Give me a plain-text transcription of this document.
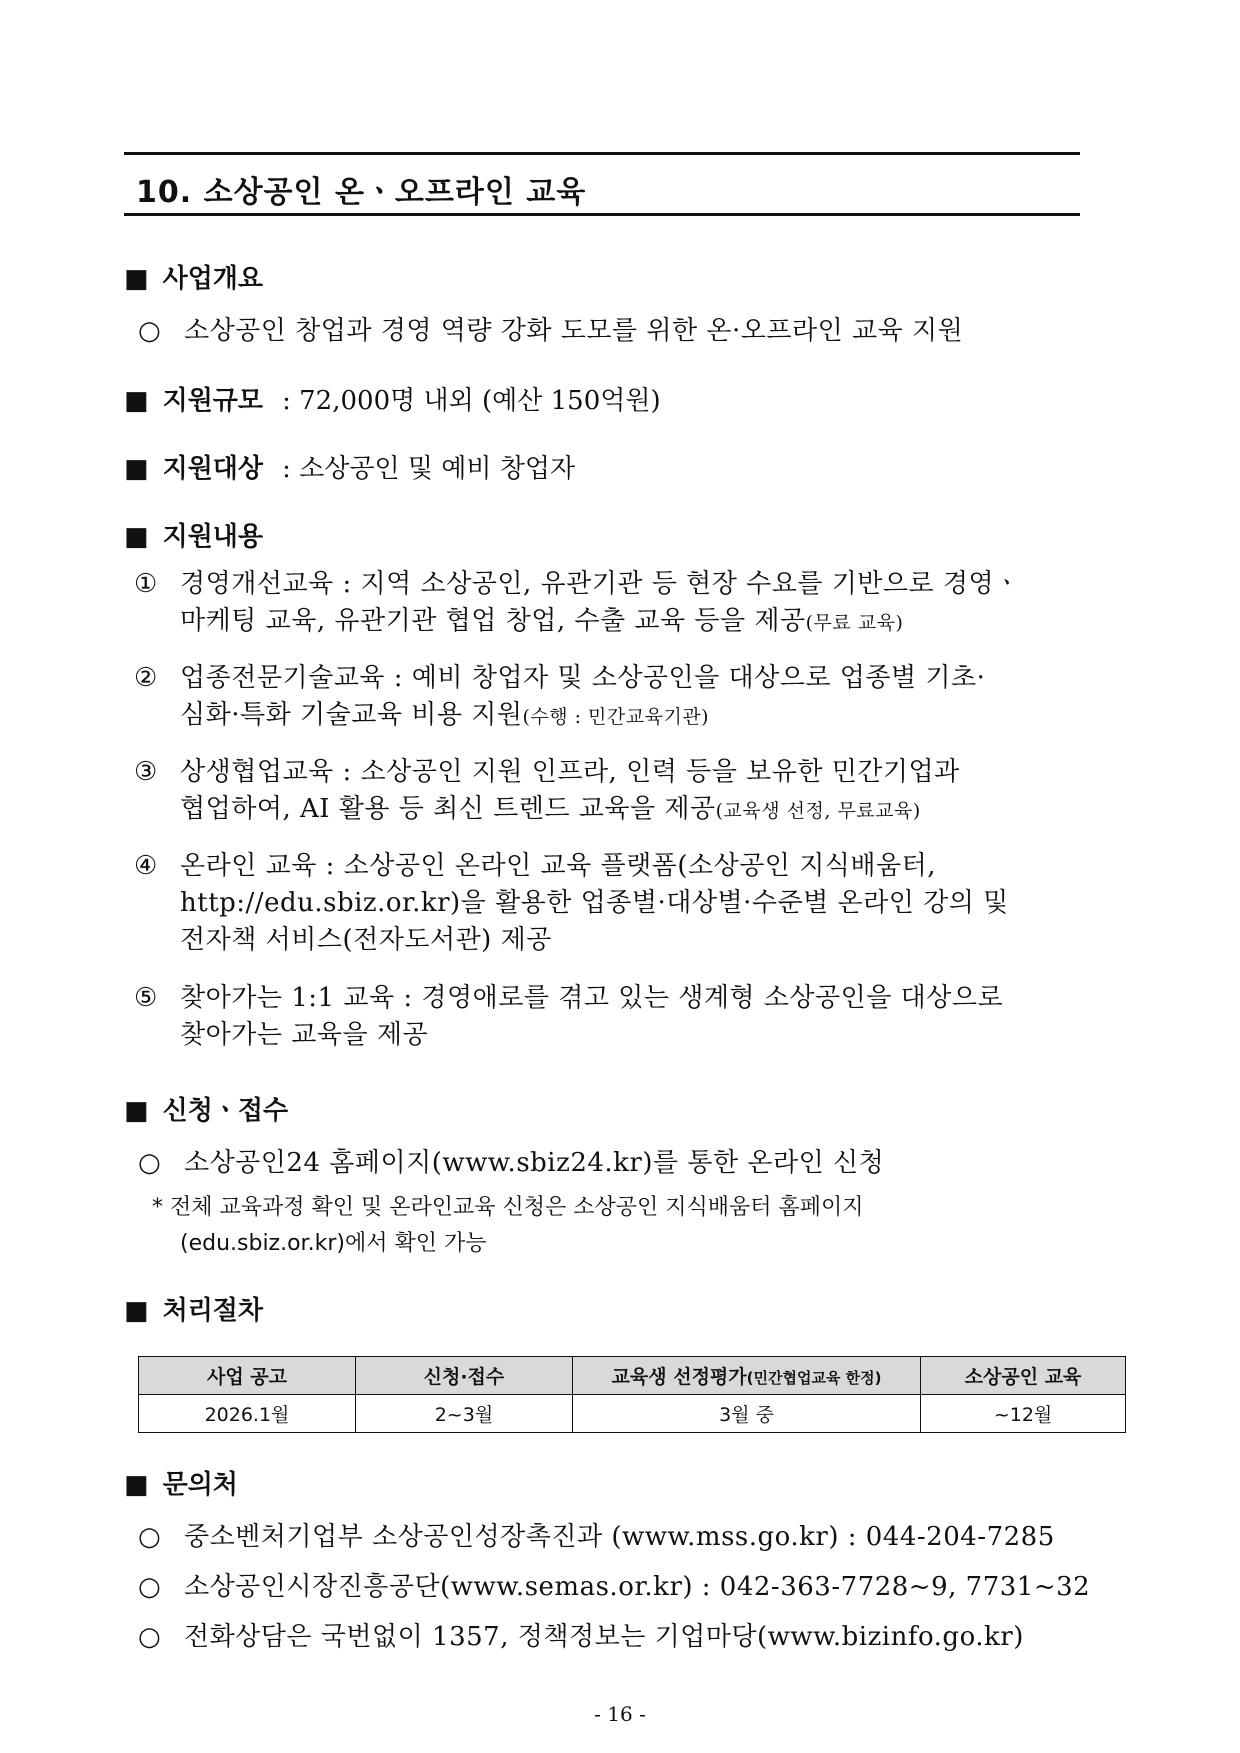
10. 소상공인 온ㆍ오프라인 교육
■ 사업개요
○ 소상공인 창업과 경영 역량 강화 도모를 위한 온·오프라인 교육 지원
■ 지원규모 : 72,000명 내외 (예산 150억원)
■ 지원대상 : 소상공인 및 예비 창업자
■ 지원내용
① 경영개선교육 : 지역 소상공인, 유관기관 등 현장 수요를 기반으로 경영ㆍ
마케팅 교육, 유관기관 협업 창업, 수출 교육 등을 제공(무료 교육)
② 업종전문기술교육 : 예비 창업자 및 소상공인을 대상으로 업종별 기초·
심화·특화 기술교육 비용 지원(수행 : 민간교육기관)
③ 상생협업교육 : 소상공인 지원 인프라, 인력 등을 보유한 민간기업과
협업하여, AI 활용 등 최신 트렌드 교육을 제공(교육생 선정, 무료교육)
④ 온라인 교육 : 소상공인 온라인 교육 플랫폼(소상공인 지식배움터,
http://edu.sbiz.or.kr)을 활용한 업종별·대상별·수준별 온라인 강의 및
전자책 서비스(전자도서관) 제공
⑤ 찾아가는 1:1 교육 : 경영애로를 겪고 있는 생계형 소상공인을 대상으로
찾아가는 교육을 제공
■ 신청ㆍ접수
○ 소상공인24 홈페이지(www.sbiz24.kr)를 통한 온라인 신청
* 전체 교육과정 확인 및 온라인교육 신청은 소상공인 지식배움터 홈페이지
(edu.sbiz.or.kr)에서 확인 가능
■ 처리절차
사업 공고	신청·접수	교육생 선정평가(민간협업교육 한정)	소상공인 교육
2026.1월	2~3월	3월 중	~12월
■ 문의처
○ 중소벤처기업부 소상공인성장촉진과 (www.mss.go.kr) : 044-204-7285
○ 소상공인시장진흥공단(www.semas.or.kr) : 042-363-7728~9, 7731~32
○ 전화상담은 국번없이 1357, 정책정보는 기업마당(www.bizinfo.go.kr)
- 16 -
